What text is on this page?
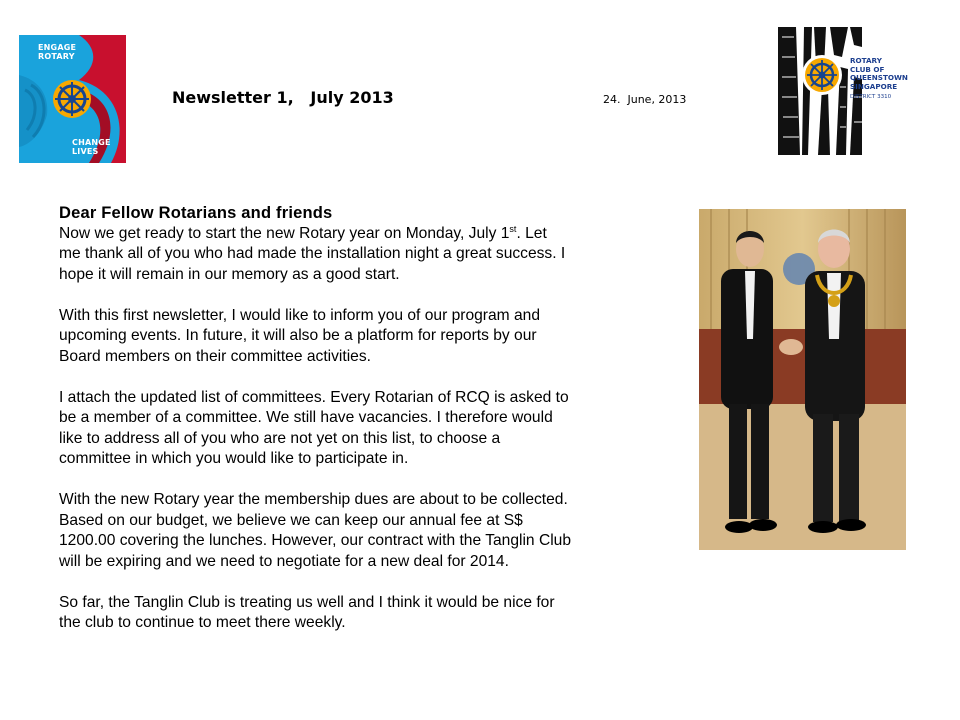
ENGAGE
ROTARY
CHANGE
LIVES
Newsletter 1,   July 2013	24.  June, 2013
ROTARY
CLUB OF
QUEENSTOWN
SINGAPORE
DISTRICT 3310
Dear Fellow Rotarians and friends
Now we get ready to start the new Rotary year on Monday, July 1st. Let
me thank all of you who had made the installation night a great success. I
hope it will remain in our memory as a good start.
With this first newsletter, I would like to inform you of our program and
upcoming events. In future, it will also be a platform for reports by our
Board members on their committee activities.
I attach the updated list of committees. Every Rotarian of RCQ is asked to
be a member of a committee. We still have vacancies. I therefore would
like to address all of you who are not yet on this list, to choose a
committee in which you would like to participate in.
With the new Rotary year the membership dues are about to be collected.
Based on our budget, we believe we can keep our annual fee at S$
1200.00 covering the lunches. However, our contract with the Tanglin Club
will be expiring and we need to negotiate for a new deal for 2014.
So far, the Tanglin Club is treating us well and I think it would be nice for
the club to continue to meet there weekly.
